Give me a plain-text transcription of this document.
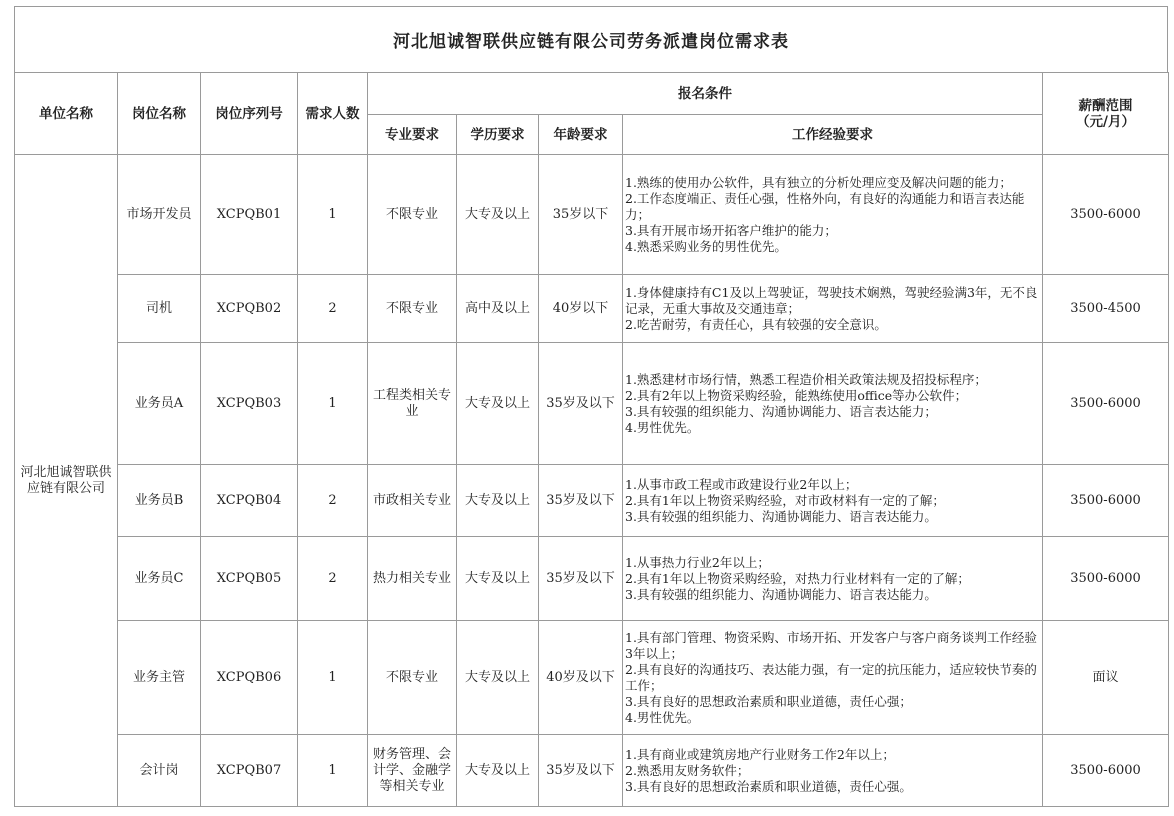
河北旭诚智联供应链有限公司劳务派遣岗位需求表
单位名称	岗位名称	岗位序列号	需求人数	报名条件				薪酬范围
（元/月）

				专业要求	学历要求	年龄要求	工作经验要求	
河北旭诚智联供应链有限公司	市场开发员	XCPQB01	1	不限专业	大专及以上	35岁以下	1.熟练的使用办公软件，具有独立的分析处理应变及解决问题的能力；
2.工作态度端正、责任心强，性格外向，有良好的沟通能力和语言表达能力；
3.具有开展市场开拓客户维护的能力；
4.熟悉采购业务的男性优先。	3500-6000
	司机	XCPQB02	2	不限专业	高中及以上	40岁以下	1.身体健康持有C1及以上驾驶证，驾驶技术娴熟，驾驶经验满3年，无不良记录，无重大事故及交通违章；
2.吃苦耐劳，有责任心，具有较强的安全意识。	3500-4500
	业务员A	XCPQB03	1	工程类相关专业	大专及以上	35岁及以下	1.熟悉建材市场行情，熟悉工程造价相关政策法规及招投标程序；
2.具有2年以上物资采购经验，能熟练使用office等办公软件；
3.具有较强的组织能力、沟通协调能力、语言表达能力；
4.男性优先。	3500-6000
	业务员B	XCPQB04	2	市政相关专业	大专及以上	35岁及以下	1.从事市政工程或市政建设行业2年以上；
2.具有1年以上物资采购经验，对市政材料有一定的了解；
3.具有较强的组织能力、沟通协调能力、语言表达能力。	3500-6000
	业务员C	XCPQB05	2	热力相关专业	大专及以上	35岁及以下	1.从事热力行业2年以上；
2.具有1年以上物资采购经验，对热力行业材料有一定的了解；
3.具有较强的组织能力、沟通协调能力、语言表达能力。	3500-6000
	业务主管	XCPQB06	1	不限专业	大专及以上	40岁及以下	1.具有部门管理、物资采购、市场开拓、开发客户与客户商务谈判工作经验3年以上；
2.具有良好的沟通技巧、表达能力强，有一定的抗压能力，适应较快节奏的工作；
3.具有良好的思想政治素质和职业道德，责任心强；
4.男性优先。	面议
	会计岗	XCPQB07	1	财务管理、会计学、金融学等相关专业	大专及以上	35岁及以下	1.具有商业或建筑房地产行业财务工作2年以上；
2.熟悉用友财务软件；
3.具有良好的思想政治素质和职业道德，责任心强。	3500-6000
